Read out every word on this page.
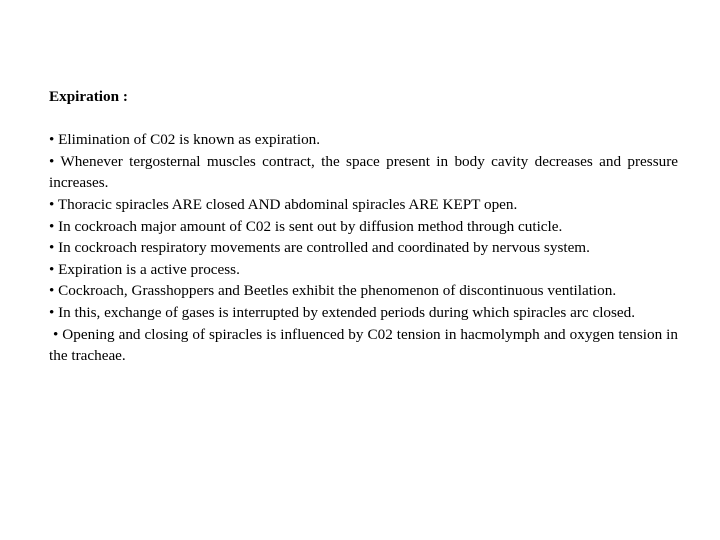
Expiration :

• Elimination of C02 is known as expiration.

• Whenever tergosternal muscles contract, the space present in body cavity decreases and pressure increases.

• Thoracic spiracles ARE closed AND abdominal spiracles ARE KEPT open.

• In cockroach major amount of C02 is sent out by diffusion method through cuticle.

• In cockroach respiratory movements are controlled and coordinated by nervous system.

• Expiration is a active process.

• Cockroach, Grasshoppers and Beetles exhibit the phenomenon of discontinuous ventilation.

• In this, exchange of gases is interrupted by extended periods during which spiracles arc closed.

• Opening and closing of spiracles is influenced by C02 tension in hacmolymph and oxygen tension in the tracheae.
